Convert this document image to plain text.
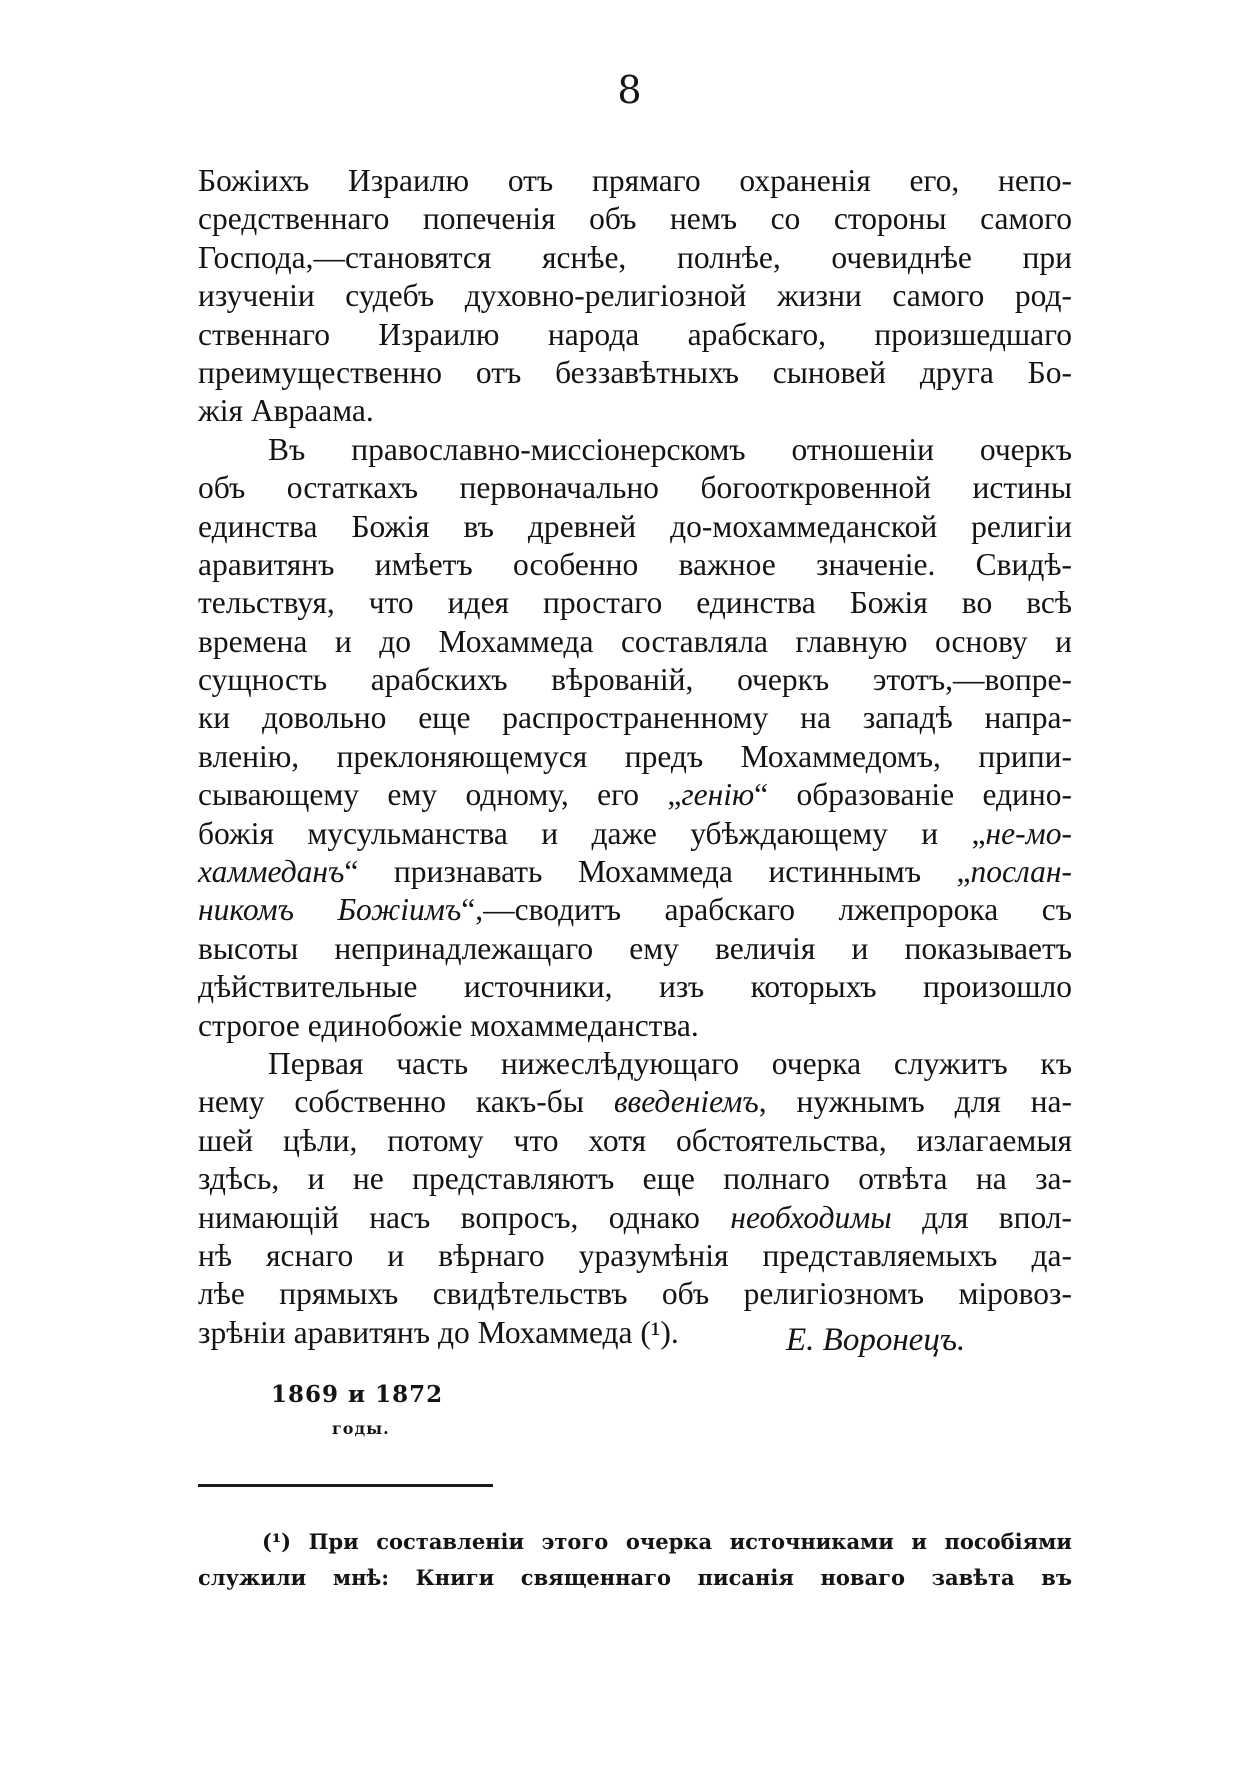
8
Божiихъ Израилю отъ прямаго охраненiя его, непо-
средственнаго попеченiя объ немъ со стороны самого
Господа,—становятся яснѣе, полнѣе, очевиднѣе при
изученiи судебъ духовно-религiозной жизни самого род-
ственнаго Израилю народа арабскаго, произшедшаго
преимущественно отъ беззавѣтныхъ сыновей друга Бо-
жiя Авраама.
Въ православно-миссiонерскомъ отношенiи очеркъ
объ остаткахъ первоначально богооткровенной истины
единства Божiя въ древней до-мохаммеданской религiи
аравитянъ имѣетъ особенно важное значенiе. Свидѣ-
тельствуя, что идея простаго единства Божiя во всѣ
времена и до Мохаммеда составляла главную основу и
сущность арабскихъ вѣрованiй, очеркъ этотъ,—вопре-
ки довольно еще распространенному на западѣ напра-
вленiю, преклоняющемуся предъ Мохаммедомъ, припи-
сывающему ему одному, его „генiю“ образованiе едино-
божiя мусульманства и даже убѣждающему и „не-мо-
хаммеданъ“ признавать Мохаммеда истиннымъ „послан-
никомъ Божiимъ“,—сводитъ арабскаго лжепророка съ
высоты непринадлежащаго ему величiя и показываетъ
дѣйствительные источники, изъ которыхъ произошло
строгое единобожiе мохаммеданства.
Первая часть нижеслѣдующаго очерка служитъ къ
нему собственно какъ-бы введенiемъ, нужнымъ для на-
шей цѣли, потому что хотя обстоятельства, излагаемыя
здѣсь, и не представляютъ еще полнаго отвѣта на за-
нимающiй насъ вопросъ, однако необходимы для впол-
нѣ яснаго и вѣрнаго уразумѣнiя представляемыхъ да-
лѣе прямыхъ свидѣтельствъ объ религiозномъ мiровоз-
зрѣнiи аравитянъ до Мохаммеда (¹).	Е. Воронецъ.
1869 и 1872
годы.
(¹) При составленiи этого очерка источниками и пособiями
служили мнѣ: Книги священнаго писанiя новаго завѣта въ
